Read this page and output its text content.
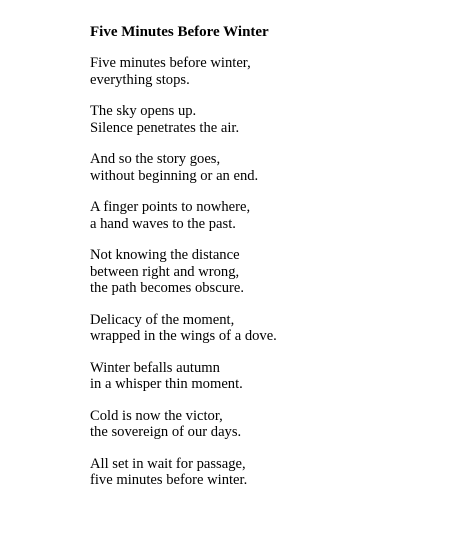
Five Minutes Before Winter
Five minutes before winter,
everything stops.
The sky opens up.
Silence penetrates the air.
And so the story goes,
without beginning or an end.
A finger points to nowhere,
a hand waves to the past.
Not knowing the distance
between right and wrong,
the path becomes obscure.
Delicacy of the moment,
wrapped in the wings of a dove.
Winter befalls autumn
in a whisper thin moment.
Cold is now the victor,
the sovereign of our days.
All set in wait for passage,
five minutes before winter.
